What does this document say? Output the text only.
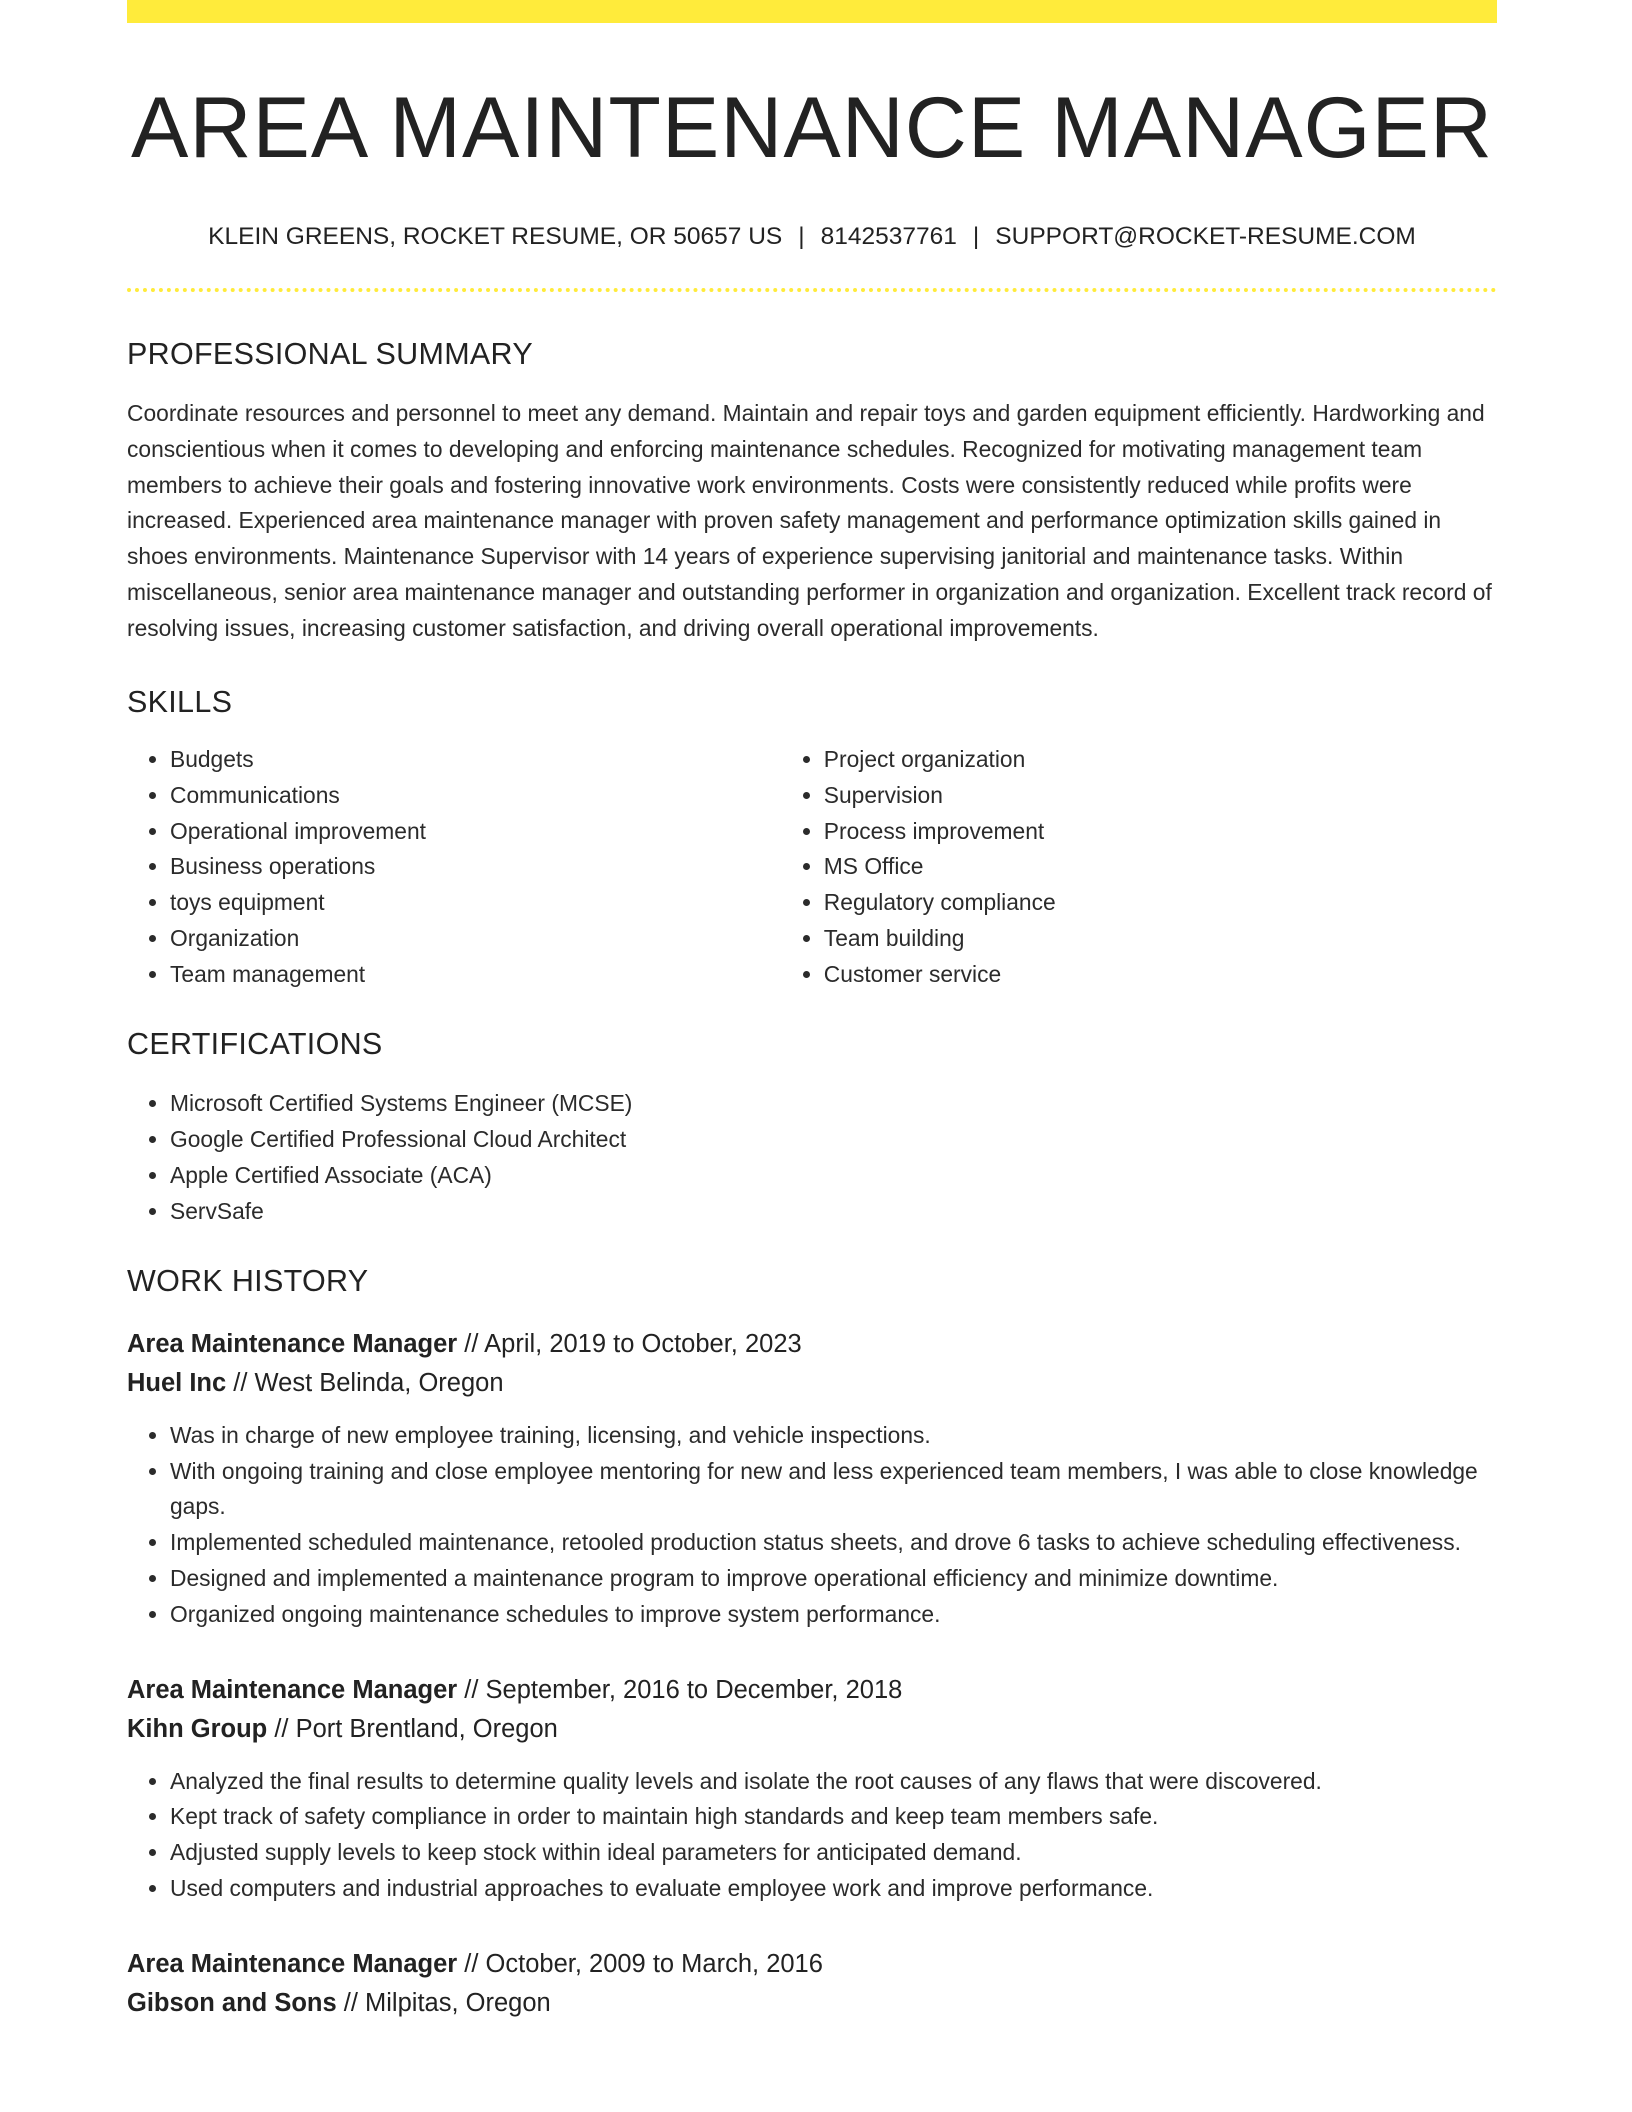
AREA MAINTENANCE MANAGER
KLEIN GREENS, ROCKET RESUME, OR 50657 US | 8142537761 | SUPPORT@ROCKET-RESUME.COM
PROFESSIONAL SUMMARY

Coordinate resources and personnel to meet any demand. Maintain and repair toys and garden equipment efficiently. Hardworking and conscientious when it comes to developing and enforcing maintenance schedules. Recognized for motivating management team members to achieve their goals and fostering innovative work environments. Costs were consistently reduced while profits were increased. Experienced area maintenance manager with proven safety management and performance optimization skills gained in shoes environments. Maintenance Supervisor with 14 years of experience supervising janitorial and maintenance tasks. Within miscellaneous, senior area maintenance manager and outstanding performer in organization and organization. Excellent track record of resolving issues, increasing customer satisfaction, and driving overall operational improvements.

SKILLS
• Budgets
• Communications
• Operational improvement
• Business operations
• toys equipment
• Organization
• Team management
• Project organization
• Supervision
• Process improvement
• MS Office
• Regulatory compliance
• Team building
• Customer service
CERTIFICATIONS
• Microsoft Certified Systems Engineer (MCSE)
• Google Certified Professional Cloud Architect
• Apple Certified Associate (ACA)
• ServSafe
WORK HISTORY
Area Maintenance Manager // April, 2019 to October, 2023
Huel Inc // West Belinda, Oregon
• Was in charge of new employee training, licensing, and vehicle inspections.
• With ongoing training and close employee mentoring for new and less experienced team members, I was able to close knowledge gaps.
• Implemented scheduled maintenance, retooled production status sheets, and drove 6 tasks to achieve scheduling effectiveness.
• Designed and implemented a maintenance program to improve operational efficiency and minimize downtime.
• Organized ongoing maintenance schedules to improve system performance.
Area Maintenance Manager // September, 2016 to December, 2018
Kihn Group // Port Brentland, Oregon
• Analyzed the final results to determine quality levels and isolate the root causes of any flaws that were discovered.
• Kept track of safety compliance in order to maintain high standards and keep team members safe.
• Adjusted supply levels to keep stock within ideal parameters for anticipated demand.
• Used computers and industrial approaches to evaluate employee work and improve performance.
Area Maintenance Manager // October, 2009 to March, 2016
Gibson and Sons // Milpitas, Oregon
